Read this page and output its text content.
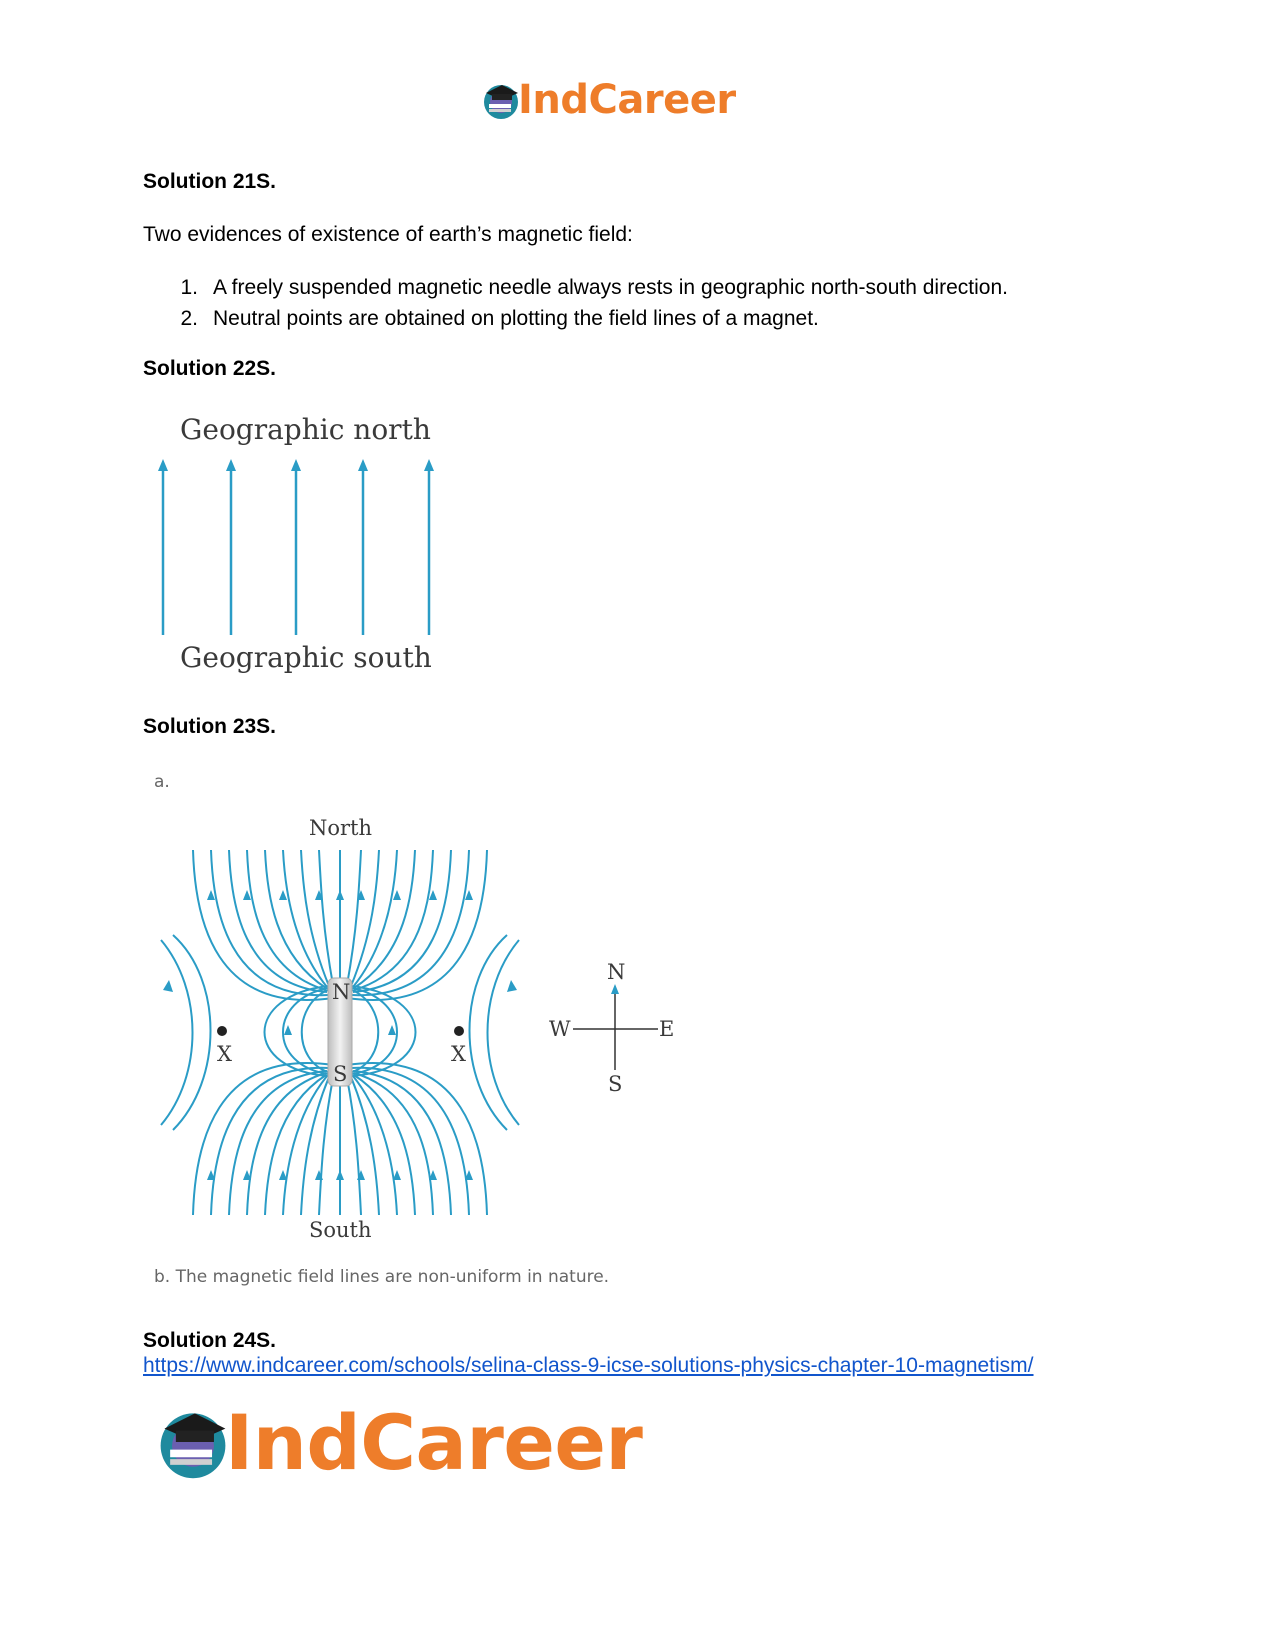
IndCareer
Solution 21S.
Two evidences of existence of earth’s magnetic field:
1. A freely suspended magnetic needle always rests in geographic north-south direction.
2. Neutral points are obtained on plotting the field lines of a magnet.
Solution 22S.
Geographic north
Geographic south
Solution 23S.
a.
North
South
N
S
X	X
N
S
W	E
b. The magnetic field lines are non-uniform in nature.
Solution 24S.
https://www.indcareer.com/schools/selina-class-9-icse-solutions-physics-chapter-10-magnetism/
IndCareer
